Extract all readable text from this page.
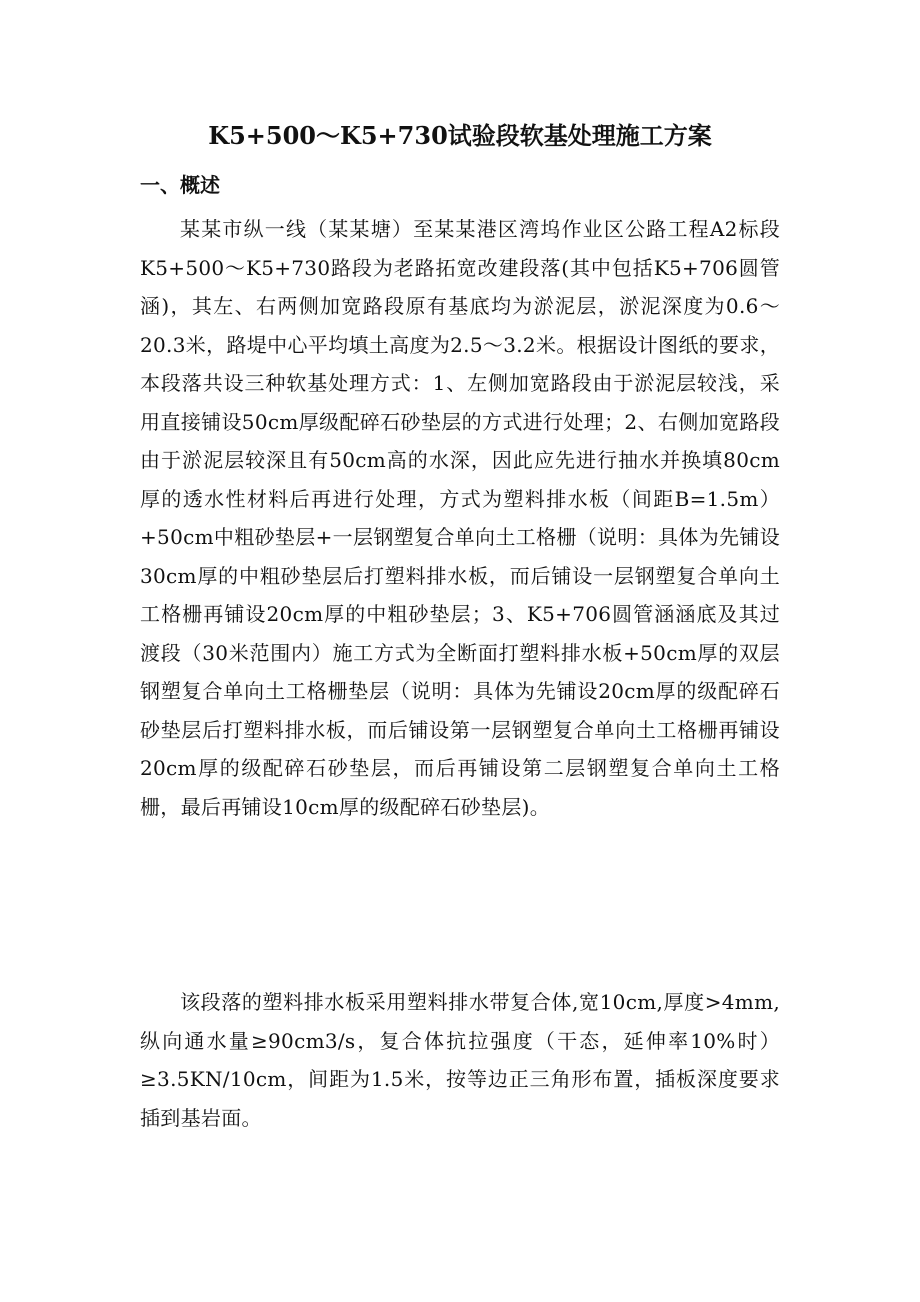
K5+500～K5+730试验段软基处理施工方案
一、概述

某某市纵一线（某某塘）至某某港区湾坞作业区公路工程A2标段K5+500～K5+730路段为老路拓宽改建段落(其中包括K5+706圆管涵)，其左、右两侧加宽路段原有基底均为淤泥层，淤泥深度为0.6～20.3米，路堤中心平均填土高度为2.5～3.2米。根据设计图纸的要求，本段落共设三种软基处理方式：1、左侧加宽路段由于淤泥层较浅，采用直接铺设50cm厚级配碎石砂垫层的方式进行处理；2、右侧加宽路段由于淤泥层较深且有50cm高的水深，因此应先进行抽水并换填80cm厚的透水性材料后再进行处理，方式为塑料排水板（间距B=1.5m）+50cm中粗砂垫层+一层钢塑复合单向土工格栅（说明：具体为先铺设30cm厚的中粗砂垫层后打塑料排水板，而后铺设一层钢塑复合单向土工格栅再铺设20cm厚的中粗砂垫层；3、K5+706圆管涵涵底及其过渡段（30米范围内）施工方式为全断面打塑料排水板+50cm厚的双层钢塑复合单向土工格栅垫层（说明：具体为先铺设20cm厚的级配碎石砂垫层后打塑料排水板，而后铺设第一层钢塑复合单向土工格栅再铺设20cm厚的级配碎石砂垫层，而后再铺设第二层钢塑复合单向土工格栅，最后再铺设10cm厚的级配碎石砂垫层)。

该段落的塑料排水板采用塑料排水带复合体,宽10cm,厚度>4mm,纵向通水量≥90cm3/s，复合体抗拉强度（干态，延伸率10%时）≥3.5KN/10cm，间距为1.5米，按等边正三角形布置，插板深度要求插到基岩面。
